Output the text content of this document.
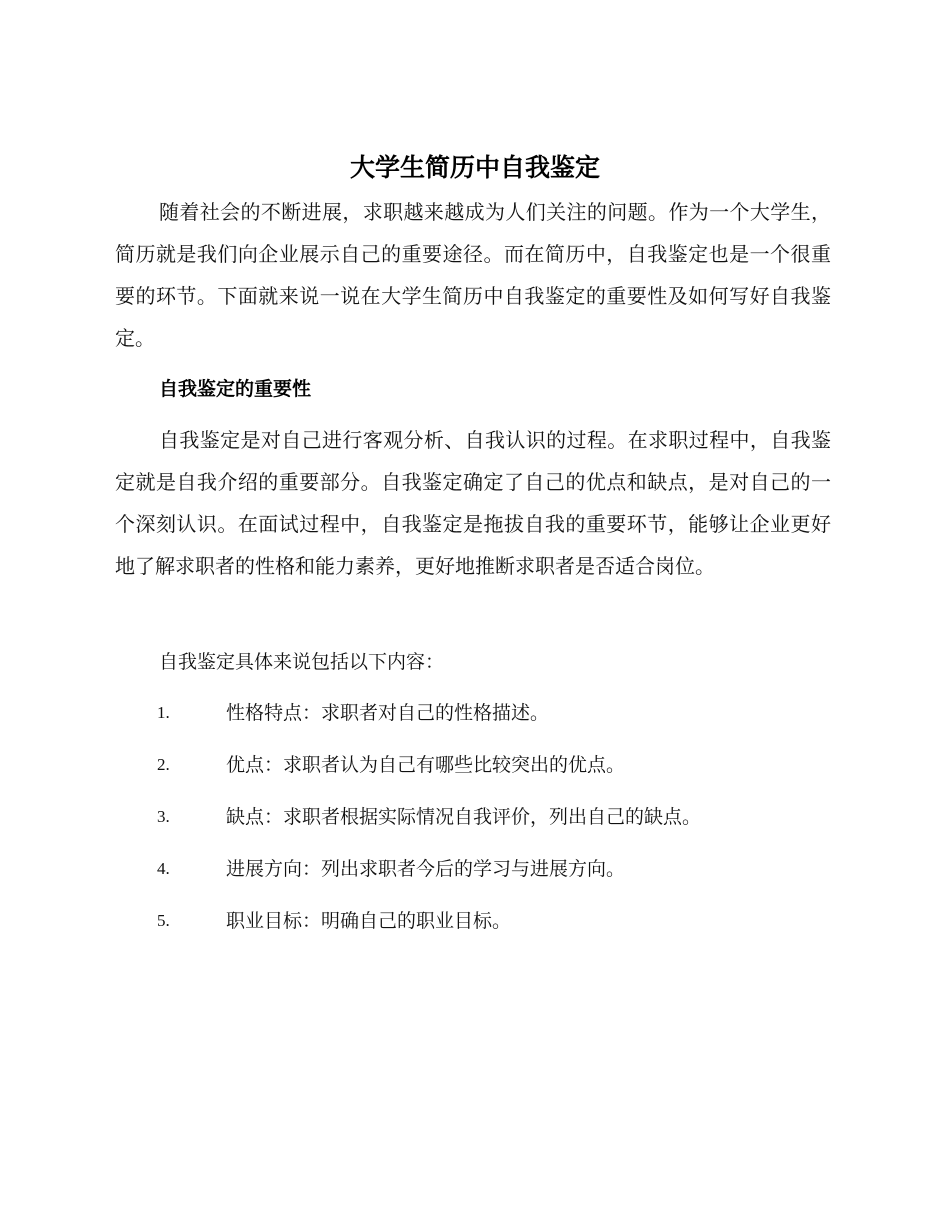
大学生简历中自我鉴定

随着社会的不断进展，求职越来越成为人们关注的问题。作为一个大学生，简历就是我们向企业展示自己的重要途径。而在简历中，自我鉴定也是一个很重要的环节。下面就来说一说在大学生简历中自我鉴定的重要性及如何写好自我鉴定。

自我鉴定的重要性

自我鉴定是对自己进行客观分析、自我认识的过程。在求职过程中，自我鉴定就是自我介绍的重要部分。自我鉴定确定了自己的优点和缺点，是对自己的一个深刻认识。在面试过程中，自我鉴定是拖拔自我的重要环节，能够让企业更好地了解求职者的性格和能力素养，更好地推断求职者是否适合岗位。

自我鉴定具体来说包括以下内容：

1.	性格特点：求职者对自己的性格描述。
2.	优点：求职者认为自己有哪些比较突出的优点。
3.	缺点：求职者根据实际情况自我评价，列出自己的缺点。
4.	进展方向：列出求职者今后的学习与进展方向。
5.	职业目标：明确自己的职业目标。
